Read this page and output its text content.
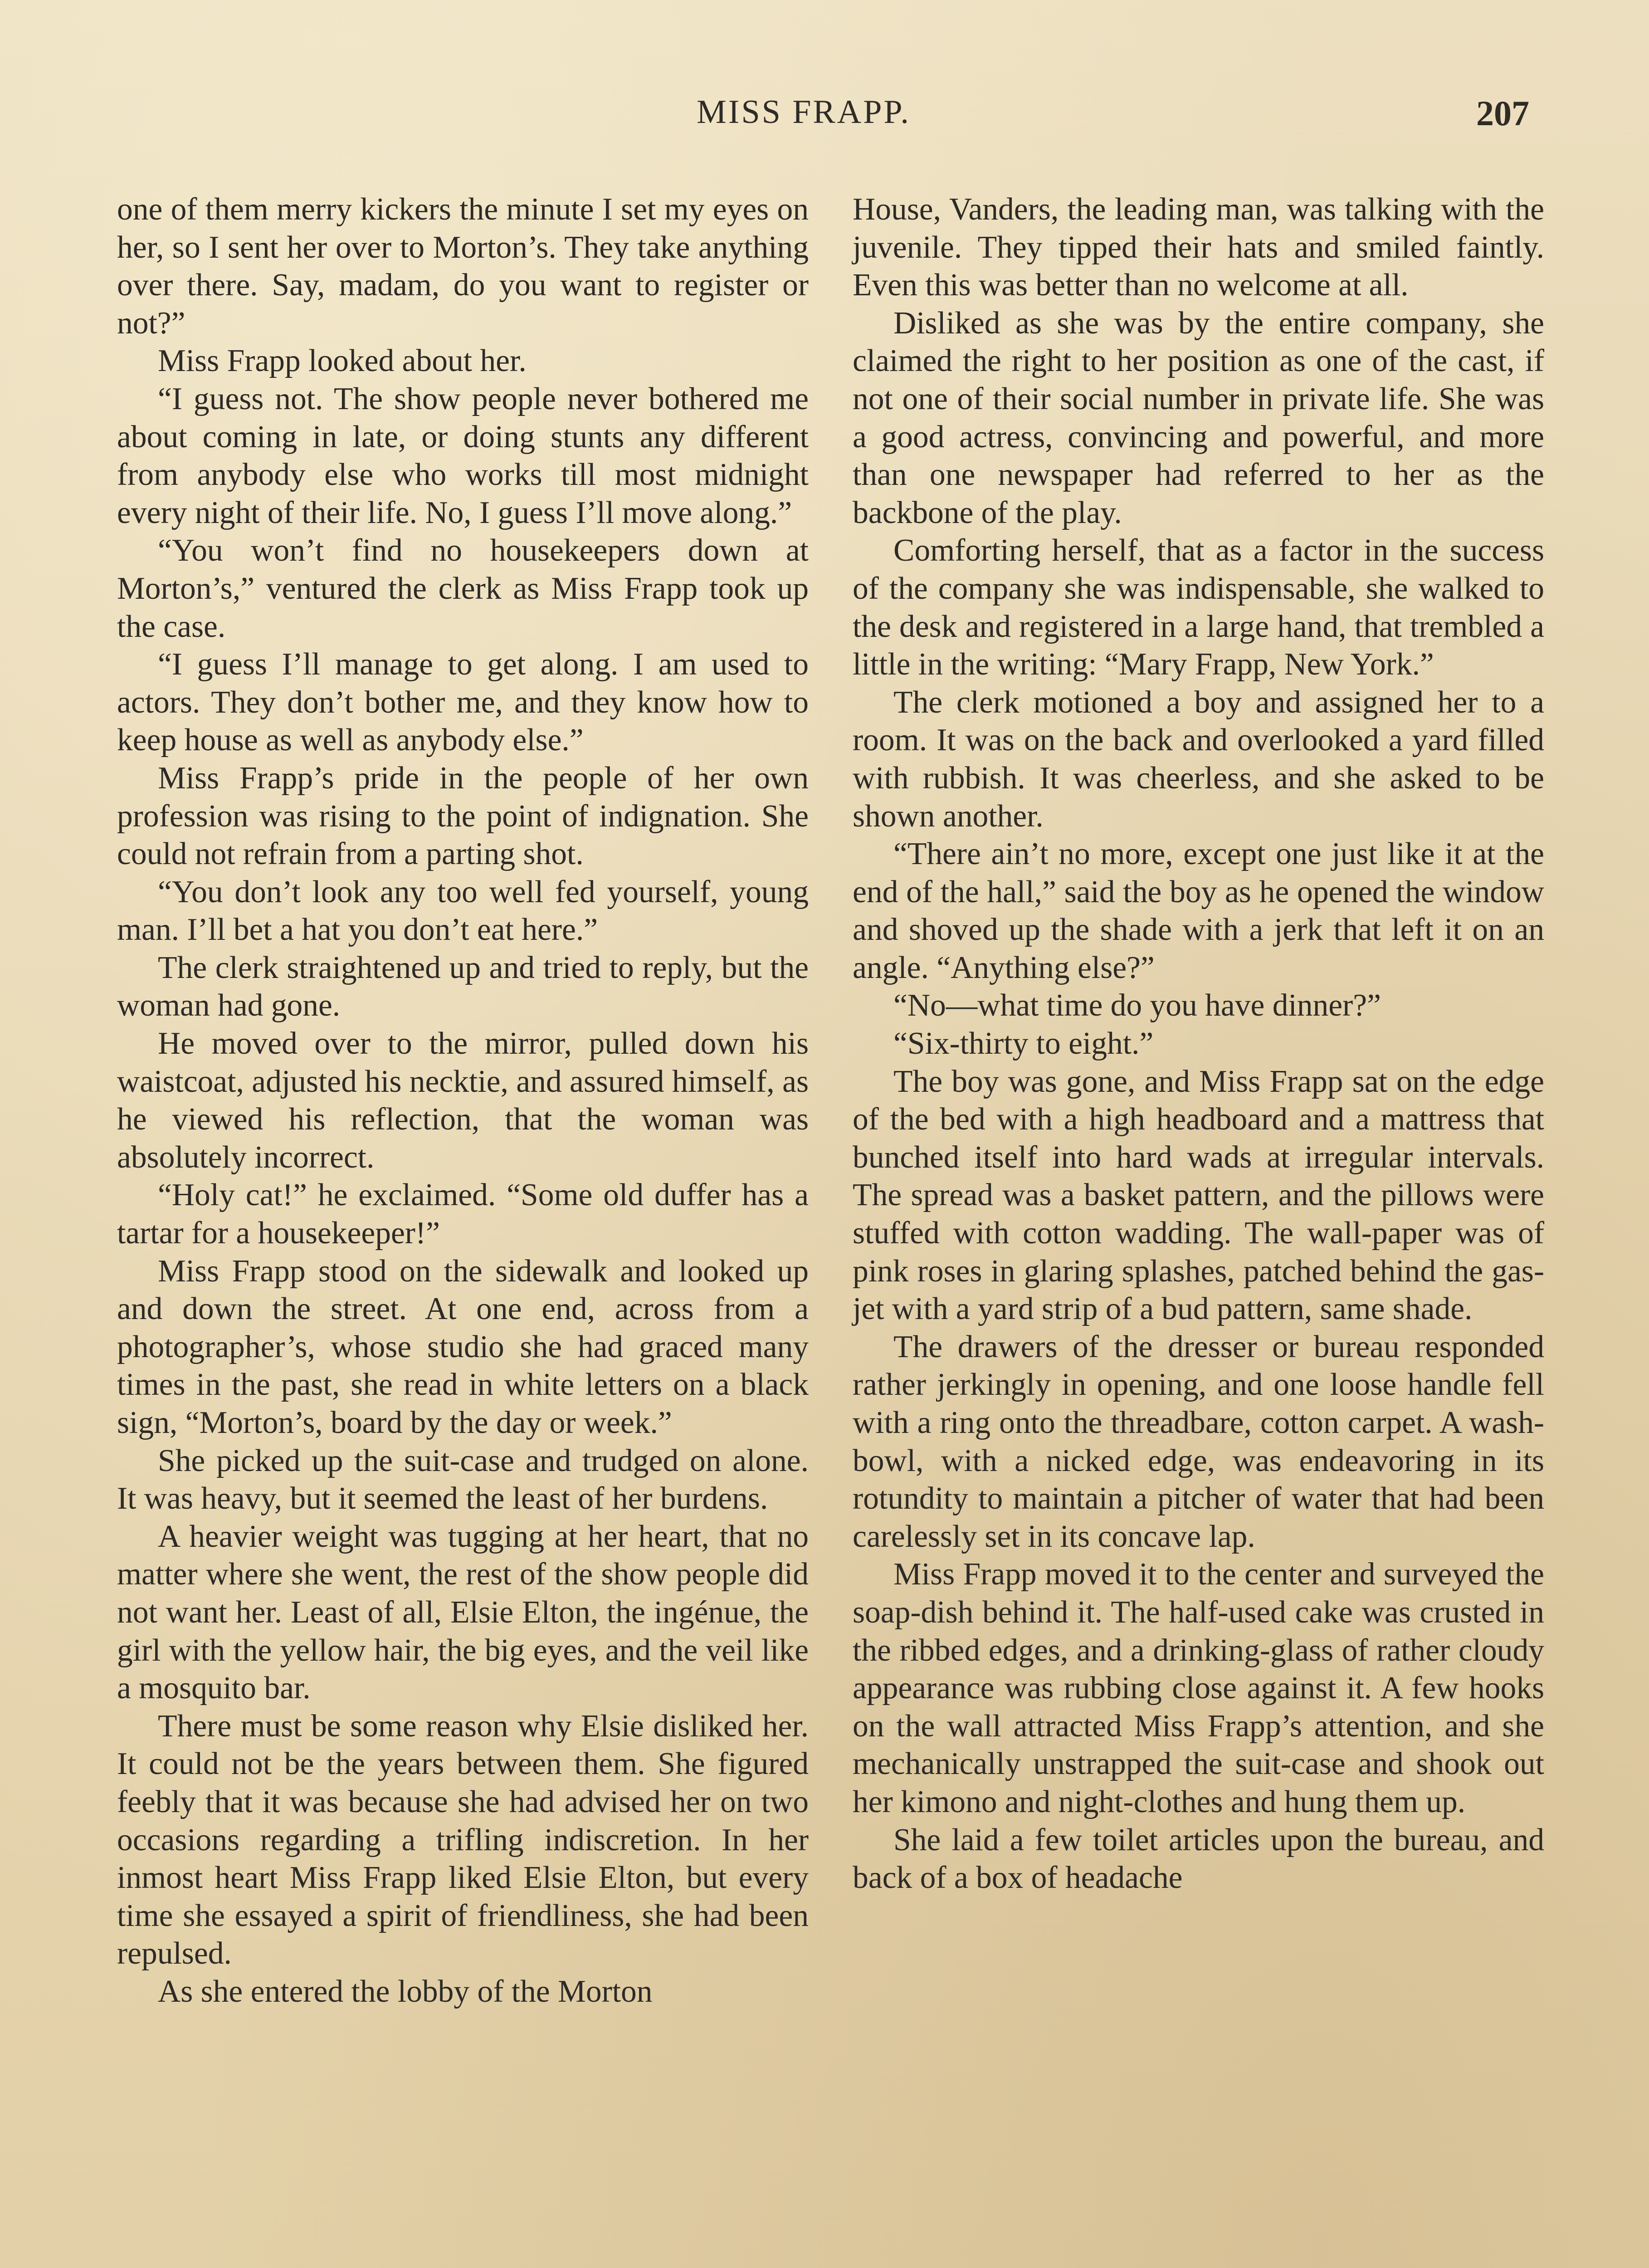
MISS FRAPP.	207

one of them merry kickers the minute I set my eyes on her, so I sent her over to Morton’s. They take anything over there. Say, madam, do you want to register or not?”

Miss Frapp looked about her.

“I guess not. The show people never bothered me about coming in late, or doing stunts any different from anybody else who works till most midnight every night of their life. No, I guess I’ll move along.”

“You won’t find no housekeepers down at Morton’s,” ventured the clerk as Miss Frapp took up the case.

“I guess I’ll manage to get along. I am used to actors. They don’t bother me, and they know how to keep house as well as anybody else.”

Miss Frapp’s pride in the people of her own profession was rising to the point of indignation. She could not refrain from a parting shot.

“You don’t look any too well fed yourself, young man. I’ll bet a hat you don’t eat here.”

The clerk straightened up and tried to reply, but the woman had gone.

He moved over to the mirror, pulled down his waistcoat, adjusted his necktie, and assured himself, as he viewed his reflection, that the woman was absolutely incorrect.

“Holy cat!” he exclaimed. “Some old duffer has a tartar for a housekeeper!”

Miss Frapp stood on the sidewalk and looked up and down the street. At one end, across from a photographer’s, whose studio she had graced many times in the past, she read in white letters on a black sign, “Morton’s, board by the day or week.”

She picked up the suit-case and trudged on alone. It was heavy, but it seemed the least of her burdens.

A heavier weight was tugging at her heart, that no matter where she went, the rest of the show people did not want her. Least of all, Elsie Elton, the ingénue, the girl with the yellow hair, the big eyes, and the veil like a mosquito bar.

There must be some reason why Elsie disliked her. It could not be the years between them. She figured feebly that it was because she had advised her on two occasions regarding a trifling indiscretion. In her inmost heart Miss Frapp liked Elsie Elton, but every time she essayed a spirit of friendliness, she had been repulsed.

As she entered the lobby of the Morton

House, Vanders, the leading man, was talking with the juvenile. They tipped their hats and smiled faintly. Even this was better than no welcome at all.

Disliked as she was by the entire company, she claimed the right to her position as one of the cast, if not one of their social number in private life. She was a good actress, convincing and powerful, and more than one newspaper had referred to her as the backbone of the play.

Comforting herself, that as a factor in the success of the company she was indispensable, she walked to the desk and registered in a large hand, that trembled a little in the writing: “Mary Frapp, New York.”

The clerk motioned a boy and assigned her to a room. It was on the back and overlooked a yard filled with rubbish. It was cheerless, and she asked to be shown another.

“There ain’t no more, except one just like it at the end of the hall,” said the boy as he opened the window and shoved up the shade with a jerk that left it on an angle. “Anything else?”

“No—what time do you have dinner?”

“Six-thirty to eight.”

The boy was gone, and Miss Frapp sat on the edge of the bed with a high headboard and a mattress that bunched itself into hard wads at irregular intervals. The spread was a basket pattern, and the pillows were stuffed with cotton wadding. The wall-paper was of pink roses in glaring splashes, patched behind the gas-jet with a yard strip of a bud pattern, same shade.

The drawers of the dresser or bureau responded rather jerkingly in opening, and one loose handle fell with a ring onto the threadbare, cotton carpet. A wash-bowl, with a nicked edge, was endeavoring in its rotundity to maintain a pitcher of water that had been carelessly set in its concave lap.

Miss Frapp moved it to the center and surveyed the soap-dish behind it. The half-used cake was crusted in the ribbed edges, and a drinking-glass of rather cloudy appearance was rubbing close against it. A few hooks on the wall attracted Miss Frapp’s attention, and she mechanically unstrapped the suit-case and shook out her kimono and night-clothes and hung them up.

She laid a few toilet articles upon the bureau, and back of a box of headache
